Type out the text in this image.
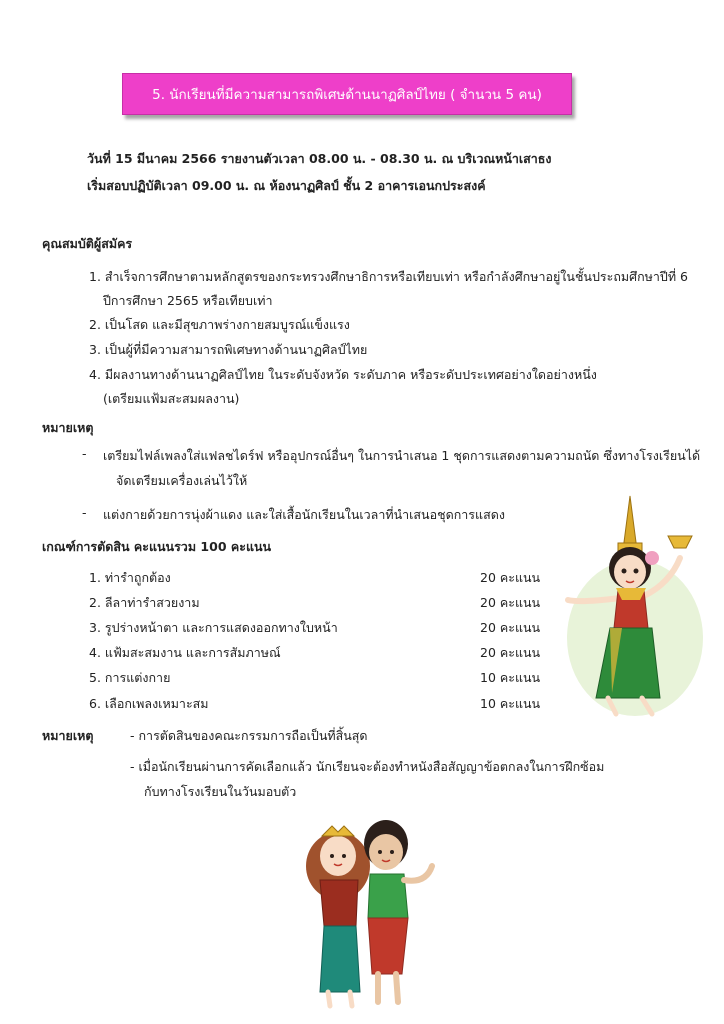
5. นักเรียนที่มีความสามารถพิเศษด้านนาฏศิลป์ไทย ( จำนวน 5 คน)
วันที่ 15 มีนาคม 2566 รายงานตัวเวลา 08.00 น. - 08.30 น. ณ บริเวณหน้าเสาธง
เริ่มสอบปฏิบัติเวลา 09.00 น. ณ ห้องนาฏศิลป์ ชั้น 2 อาคารเอนกประสงค์
คุณสมบัติผู้สมัคร
1. สำเร็จการศึกษาตามหลักสูตรของกระทรวงศึกษาธิการหรือเทียบเท่า หรือกำลังศึกษาอยู่ในชั้นประถมศึกษาปีที่ 6
ปีการศึกษา 2565 หรือเทียบเท่า
2. เป็นโสด และมีสุขภาพร่างกายสมบูรณ์แข็งแรง
3. เป็นผู้ที่มีความสามารถพิเศษทางด้านนาฏศิลป์ไทย
4. มีผลงานทางด้านนาฏศิลป์ไทย ในระดับจังหวัด ระดับภาค หรือระดับประเทศอย่างใดอย่างหนึ่ง
(เตรียมแฟ้มสะสมผลงาน)
หมายเหตุ
- เตรียมไฟล์เพลงใส่แฟลชไดร์ฟ หรืออุปกรณ์อื่นๆ ในการนำเสนอ 1 ชุดการแสดงตามความถนัด ซึ่งทางโรงเรียนได้
จัดเตรียมเครื่องเล่นไว้ให้
- แต่งกายด้วยการนุ่งผ้าแดง และใส่เสื้อนักเรียนในเวลาที่นำเสนอชุดการแสดง
เกณฑ์การตัดสิน คะแนนรวม 100 คะแนน
1. ท่ารำถูกต้อง	20 คะแนน
2. ลีลาท่ารำสวยงาม	20 คะแนน
3. รูปร่างหน้าตา และการแสดงออกทางใบหน้า	20 คะแนน
4. แฟ้มสะสมงาน และการสัมภาษณ์	20 คะแนน
5. การแต่งกาย	10 คะแนน
6. เลือกเพลงเหมาะสม	10 คะแนน
หมายเหตุ	- การตัดสินของคณะกรรมการถือเป็นที่สิ้นสุด
- เมื่อนักเรียนผ่านการคัดเลือกแล้ว นักเรียนจะต้องทำหนังสือสัญญาข้อตกลงในการฝึกซ้อม
กับทางโรงเรียนในวันมอบตัว
